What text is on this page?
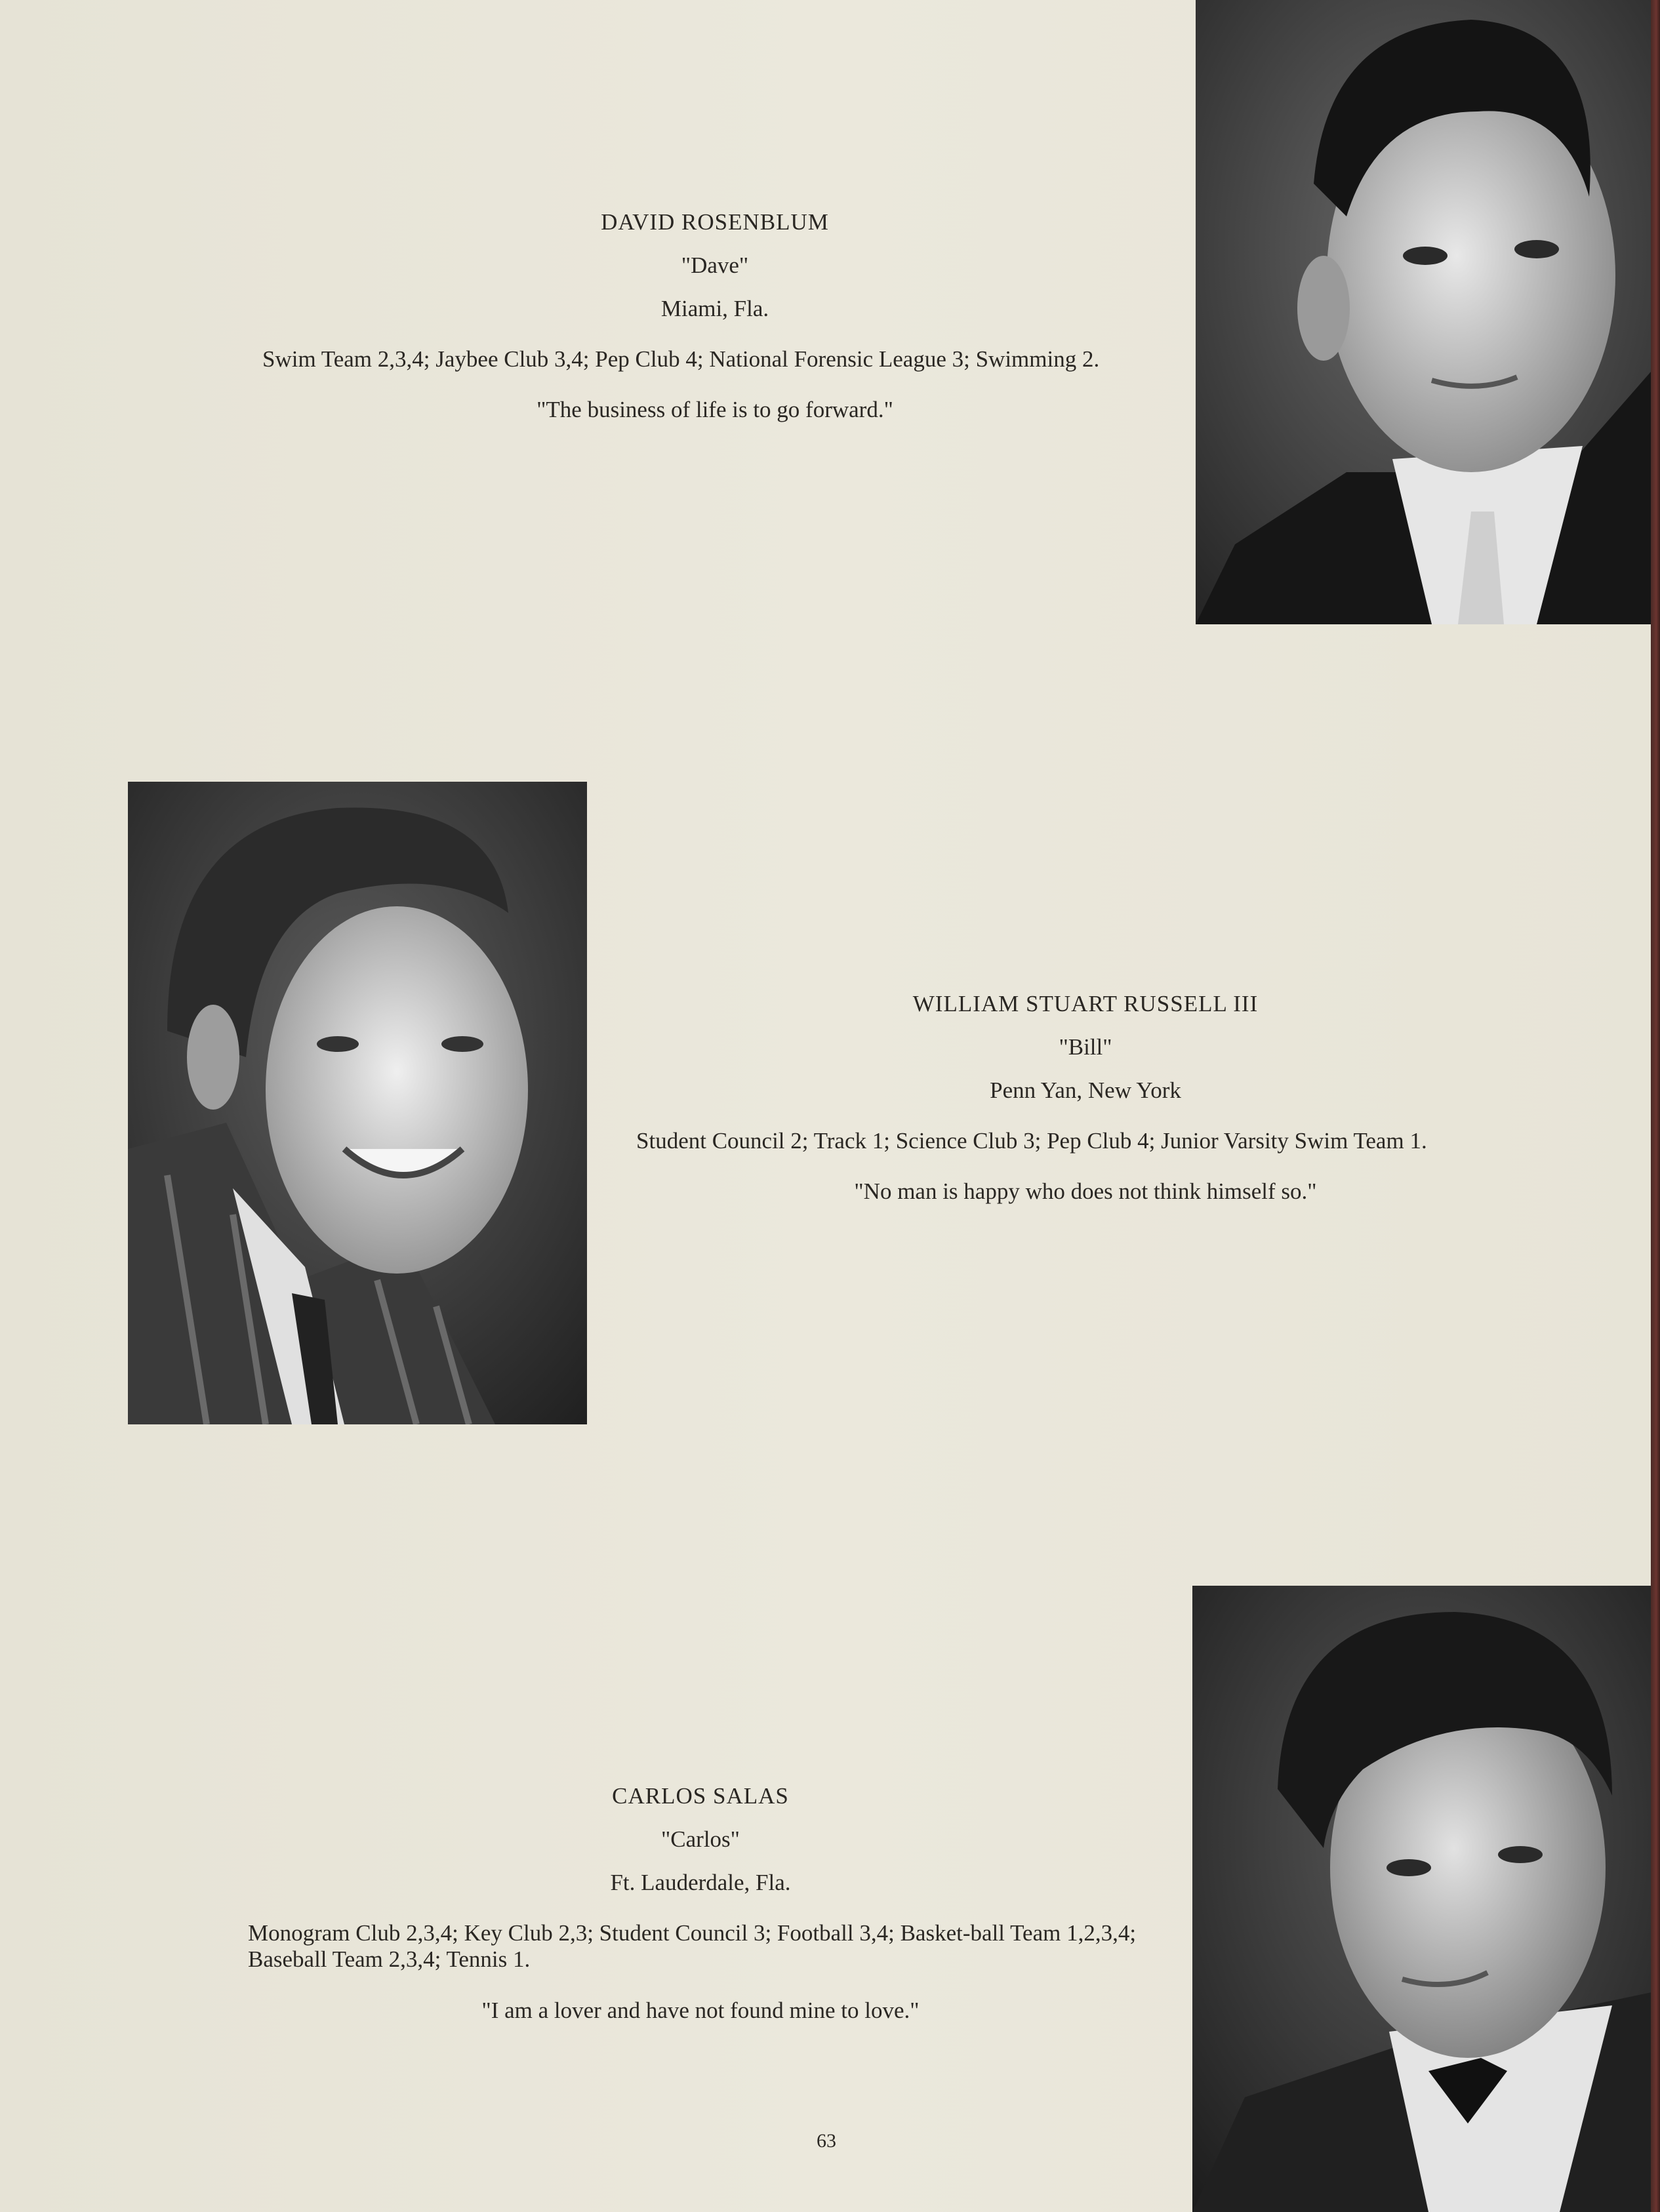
DAVID ROSENBLUM
"Dave"
Miami, Fla.
Swim Team 2,3,4; Jaybee Club 3,4; Pep Club 4; National Forensic League 3; Swimming 2.
"The business of life is to go forward."
WILLIAM STUART RUSSELL III
"Bill"
Penn Yan, New York
Student Council 2; Track 1; Science Club 3; Pep Club 4; Junior Varsity Swim Team 1.
"No man is happy who does not think himself so."
CARLOS SALAS
"Carlos"
Ft. Lauderdale, Fla.
Monogram Club 2,3,4; Key Club 2,3; Student Council 3; Football 3,4; Basket-ball Team 1,2,3,4; Baseball Team 2,3,4; Tennis 1.
"I am a lover and have not found mine to love."
63
